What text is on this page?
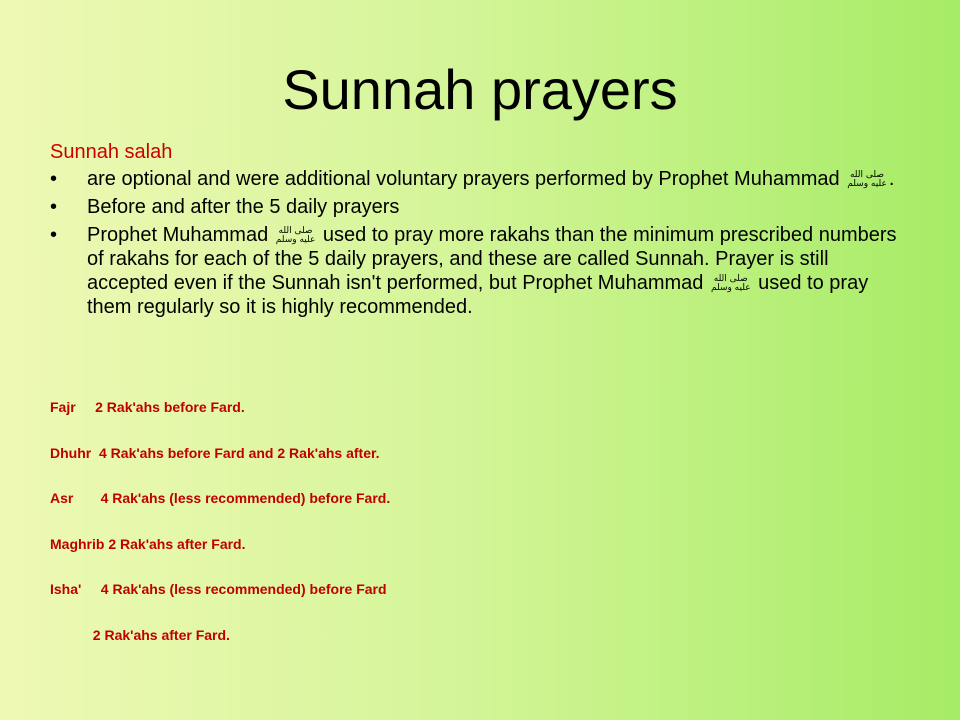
Sunnah prayers
Sunnah salah
•	are optional and were additional voluntary prayers performed by Prophet Muhammad صلى الله
عليه وسلم .
•	Before and after the 5 daily prayers
•	Prophet Muhammad صلى الله
عليه وسلم used to pray more rakahs than the minimum prescribed numbers of rakahs for each of the 5 daily prayers, and these are called Sunnah. Prayer is still accepted even if the Sunnah isn't performed, but Prophet Muhammad صلى الله
عليه وسلم used to pray them regularly so it is highly recommended.
Fajr     2 Rak'ahs before Fard.
Dhuhr  4 Rak'ahs before Fard and 2 Rak'ahs after.
Asr       4 Rak'ahs (less recommended) before Fard.
Maghrib 2 Rak'ahs after Fard.
Isha'     4 Rak'ahs (less recommended) before Fard
2 Rak'ahs after Fard.
